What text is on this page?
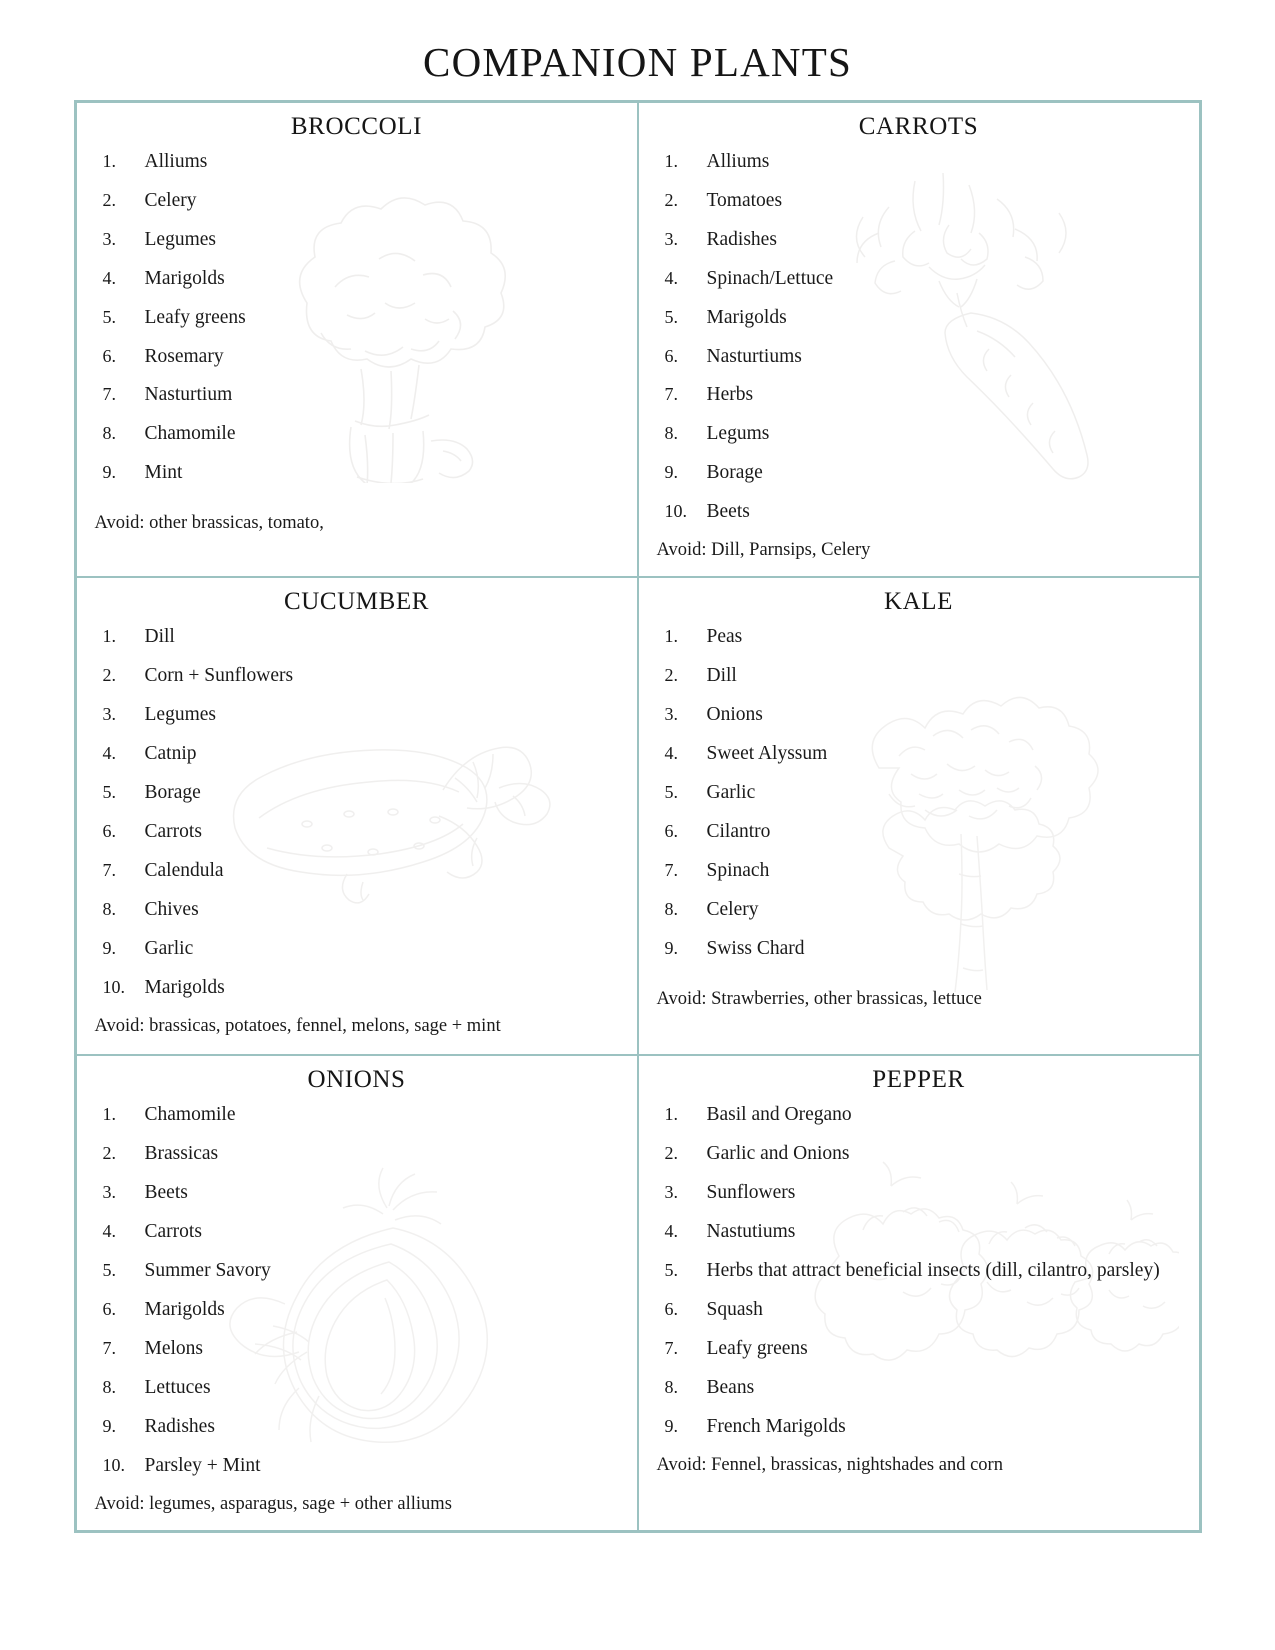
COMPANION PLANTS
BROCCOLI
Alliums
Celery
Legumes
Marigolds
Leafy greens
Rosemary
Nasturtium
Chamomile
Mint

Avoid: other brassicas, tomato,

CARROTS
Alliums
Tomatoes
Radishes
Spinach/Lettuce
Marigolds
Nasturtiums
Herbs
Legums
Borage
Beets

Avoid: Dill, Parnsips, Celery

CUCUMBER
Dill
Corn + Sunflowers
Legumes
Catnip
Borage
Carrots
Calendula
Chives
Garlic
Marigolds

Avoid: brassicas, potatoes, fennel, melons, sage + mint

KALE
Peas
Dill
Onions
Sweet Alyssum
Garlic
Cilantro
Spinach
Celery
Swiss Chard

Avoid: Strawberries, other brassicas, lettuce

ONIONS
Chamomile
Brassicas
Beets
Carrots
Summer Savory
Marigolds
Melons
Lettuces
Radishes
Parsley + Mint

Avoid: legumes, asparagus, sage + other alliums

PEPPER
Basil and Oregano
Garlic and Onions
Sunflowers
Nastutiums
Herbs that attract beneficial insects (dill, cilantro, parsley)
Squash
Leafy greens
Beans
French Marigolds

Avoid: Fennel, brassicas, nightshades and corn
